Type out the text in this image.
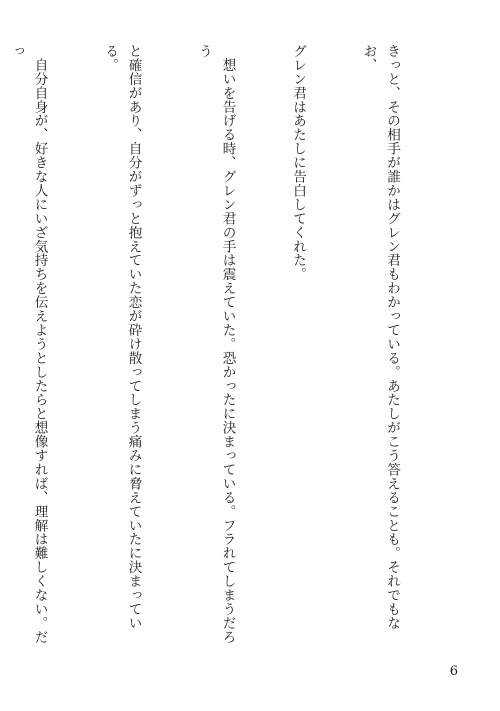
きっと、その相手が誰かはグレン君もわかっている。あたしがこう答えることも。それでもなお、

グレン君はあたしに告白してくれた。

　想いを告げる時、グレン君の手は震えていた。恐かったに決まっている。フラれてしまうだろう

と確信があり、自分がずっと抱えていた恋が砕け散ってしまう痛みに脅えていたに決まっている。

　自分自身が、好きな人にいざ気持ちを伝えようとしたらと想像すれば、理解は難しくない。だっ

6
